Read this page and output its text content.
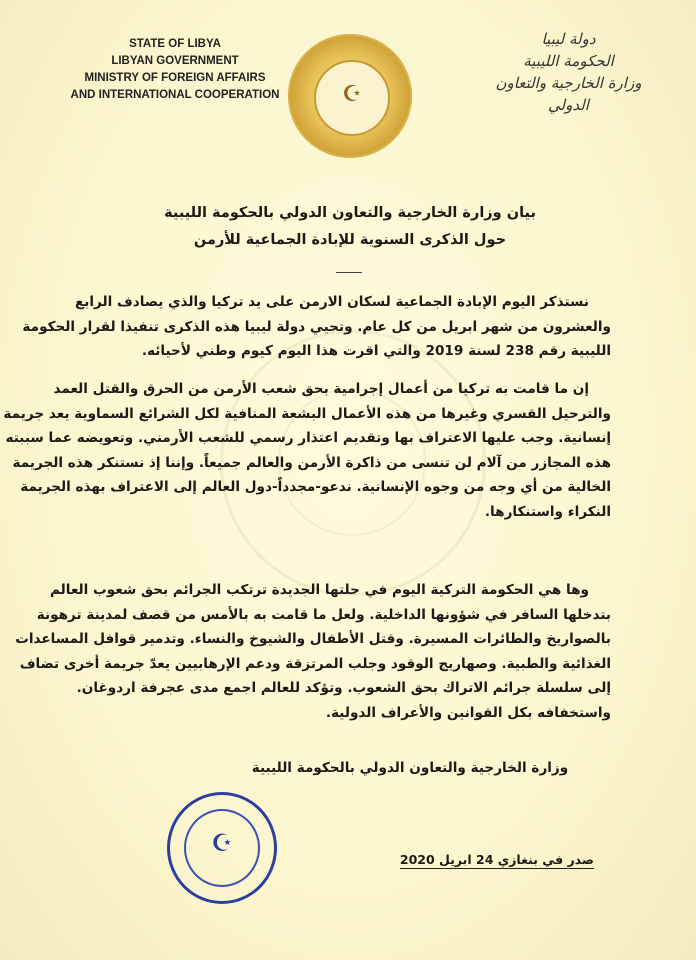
STATE OF LIBYA
LIBYAN GOVERNMENT
MINISTRY OF FOREIGN AFFAIRS
AND INTERNATIONAL COOPERATION	☪
دولة ليبيا
الحكومة الليبية
وزارة الخارجية والتعاون الدولي
بيان وزارة الخارجية والتعاون الدولي بالحكومة الليبية
حول الذكرى السنوية للإبادة الجماعية للأرمن
نستذكر اليوم الإبادة الجماعية لسكان الارمن على يد تركيا والذي يصادف الرابع
والعشرون من شهر ابريل من كل عام. وتحيي دولة ليبيا هذه الذكرى تنفيذا لقرار الحكومة
الليبية رقم 238 لسنة 2019 والتي اقرت هذا اليوم كيوم وطني لأحيائه.
إن ما قامت به تركيا من أعمال إجرامية بحق شعب الأرمن من الحرق والقتل العمد
والترحيل القسري وغيرها من هذه الأعمال البشعة المنافية لكل الشرائع السماوية يعد جريمة
إنسانية. وجب عليها الاعتراف بها وتقديم اعتذار رسمي للشعب الأرمني. وتعويضه عما سببته
هذه المجازر من آلام لن تنسى من ذاكرة الأرمن والعالم جميعاً. وإننا إذ نستنكر هذه الجريمة
الخالية من أي وجه من وجوه الإنسانية. ندعو-مجدداً-دول العالم إلى الاعتراف بهذه الجريمة
النكراء واستنكارها.
وها هي الحكومة التركية اليوم في حلتها الجديدة ترتكب الجرائم بحق شعوب العالم
بتدخلها السافر في شؤونها الداخلية. ولعل ما قامت به بالأمس من قصف لمدينة ترهونة
بالصواريخ والطائرات المسيرة. وقتل الأطفال والشيوخ والنساء. وتدمير قوافل المساعدات
الغذائية والطبية. وصهاريج الوقود وجلب المرتزقة ودعم الإرهابيين يعدّ جريمة أخرى تضاف
إلى سلسلة جرائم الاتراك بحق الشعوب. وتؤكد للعالم اجمع مدى عجرفة اردوغان.
واستخفافه بكل القوانين والأعراف الدولية.
وزارة الخارجية والتعاون الدولي بالحكومة الليبية
☪
صدر في بنغازي 24 ابريل 2020
